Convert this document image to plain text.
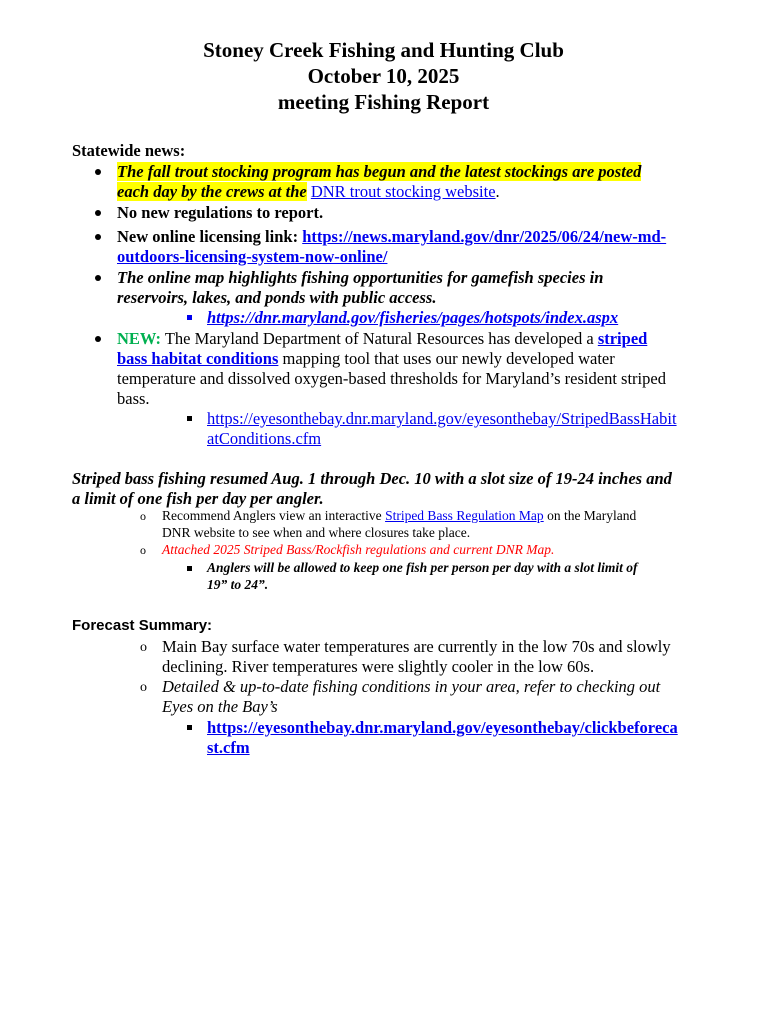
Stoney Creek Fishing and Hunting Club
October 10, 2025
meeting Fishing Report
Statewide news:
The fall trout stocking program has begun and the latest stockings are posted
each day by the crews at the DNR trout stocking website.
No new regulations to report.
New online licensing link: https://news.maryland.gov/dnr/2025/06/24/new-md-
outdoors-licensing-system-now-online/
The online map highlights fishing opportunities for gamefish species in
reservoirs, lakes, and ponds with public access.
https://dnr.maryland.gov/fisheries/pages/hotspots/index.aspx
NEW: The Maryland Department of Natural Resources has developed a striped
bass habitat conditions mapping tool that uses our newly developed water
temperature and dissolved oxygen-based thresholds for Maryland’s resident striped
bass.
https://eyesonthebay.dnr.maryland.gov/eyesonthebay/StripedBassHabit
atConditions.cfm
Striped bass fishing resumed Aug. 1 through Dec. 10 with a slot size of 19-24 inches and
a limit of one fish per day per angler.
o Recommend Anglers view an interactive Striped Bass Regulation Map on the Maryland
DNR website to see when and where closures take place.
o Attached 2025 Striped Bass/Rockfish regulations and current DNR Map.
Anglers will be allowed to keep one fish per person per day with a slot limit of
19” to 24”.
Forecast Summary:
o Main Bay surface water temperatures are currently in the low 70s and slowly
declining. River temperatures were slightly cooler in the low 60s.
o Detailed & up-to-date fishing conditions in your area, refer to checking out
Eyes on the Bay’s
https://eyesonthebay.dnr.maryland.gov/eyesonthebay/clickbeforeca
st.cfm
